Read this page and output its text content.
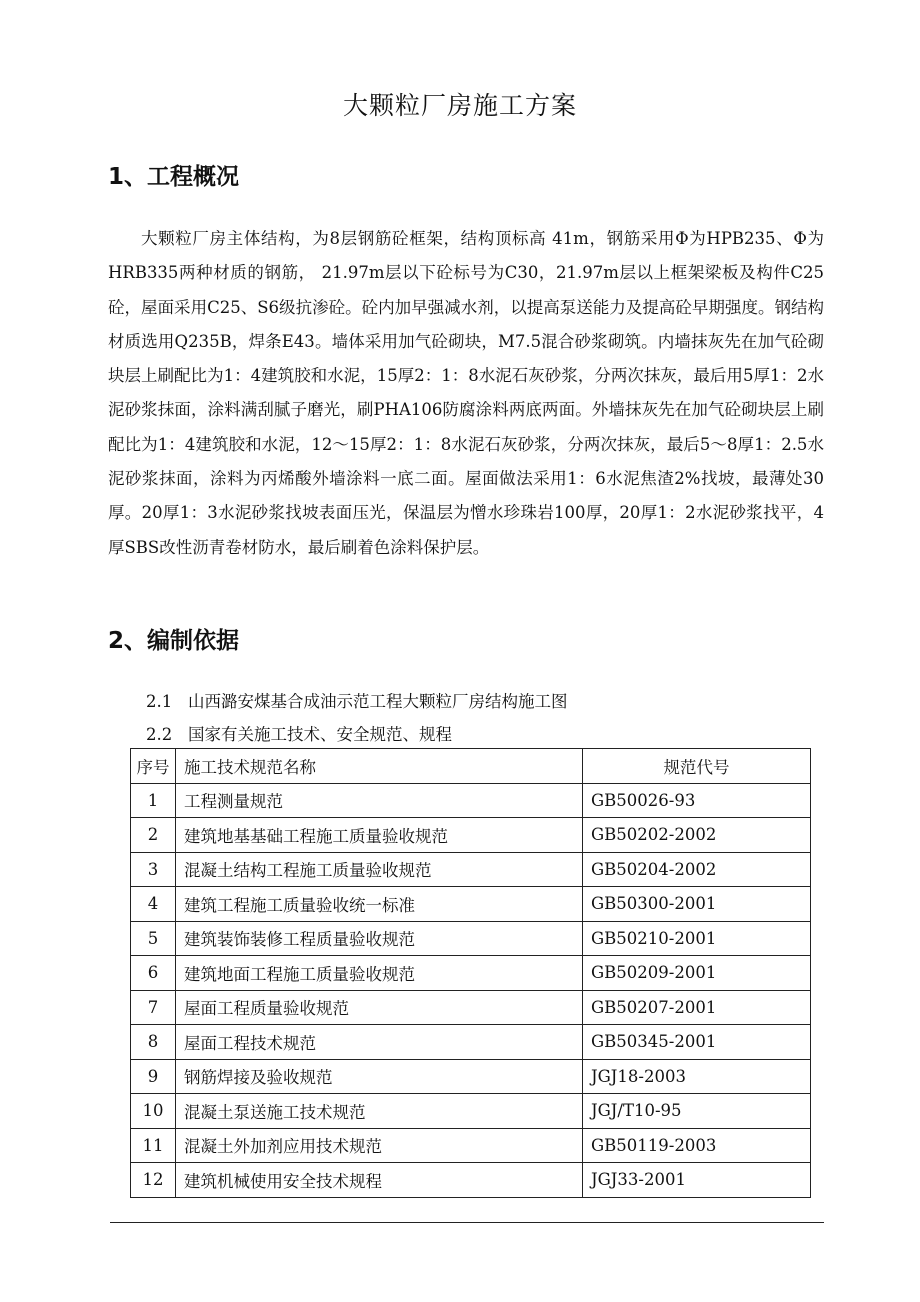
大颗粒厂房施工方案
1、工程概况

大颗粒厂房主体结构，为8层钢筋砼框架，结构顶标高 41m，钢筋采用Φ为HPB235、Φ为HRB335两种材质的钢筋， 21.97m层以下砼标号为C30，21.97m层以上框架梁板及构件C25砼，屋面采用C25、S6级抗渗砼。砼内加早强减水剂，以提高泵送能力及提高砼早期强度。钢结构材质选用Q235B，焊条E43。墙体采用加气砼砌块，M7.5混合砂浆砌筑。内墙抹灰先在加气砼砌块层上刷配比为1：4建筑胶和水泥，15厚2：1：8水泥石灰砂浆，分两次抹灰，最后用5厚1：2水泥砂浆抹面，涂料满刮腻子磨光，刷PHA106防腐涂料两底两面。外墙抹灰先在加气砼砌块层上刷配比为1：4建筑胶和水泥，12～15厚2：1：8水泥石灰砂浆，分两次抹灰，最后5～8厚1：2.5水泥砂浆抹面，涂料为丙烯酸外墙涂料一底二面。屋面做法采用1：6水泥焦渣2%找坡，最薄处30厚。20厚1：3水泥砂浆找坡表面压光，保温层为憎水珍珠岩100厚，20厚1：2水泥砂浆找平，4厚SBS改性沥青卷材防水，最后刷着色涂料保护层。

2、编制依据
2.1 山西潞安煤基合成油示范工程大颗粒厂房结构施工图
2.2 国家有关施工技术、安全规范、规程
序号	施工技术规范名称	规范代号
1	工程测量规范	GB50026-93
2	建筑地基基础工程施工质量验收规范	GB50202-2002
3	混凝土结构工程施工质量验收规范	GB50204-2002
4	建筑工程施工质量验收统一标准	GB50300-2001
5	建筑装饰装修工程质量验收规范	GB50210-2001
6	建筑地面工程施工质量验收规范	GB50209-2001
7	屋面工程质量验收规范	GB50207-2001
8	屋面工程技术规范	GB50345-2001
9	钢筋焊接及验收规范	JGJ18-2003
10	混凝土泵送施工技术规范	JGJ/T10-95
11	混凝土外加剂应用技术规范	GB50119-2003
12	建筑机械使用安全技术规程	JGJ33-2001
